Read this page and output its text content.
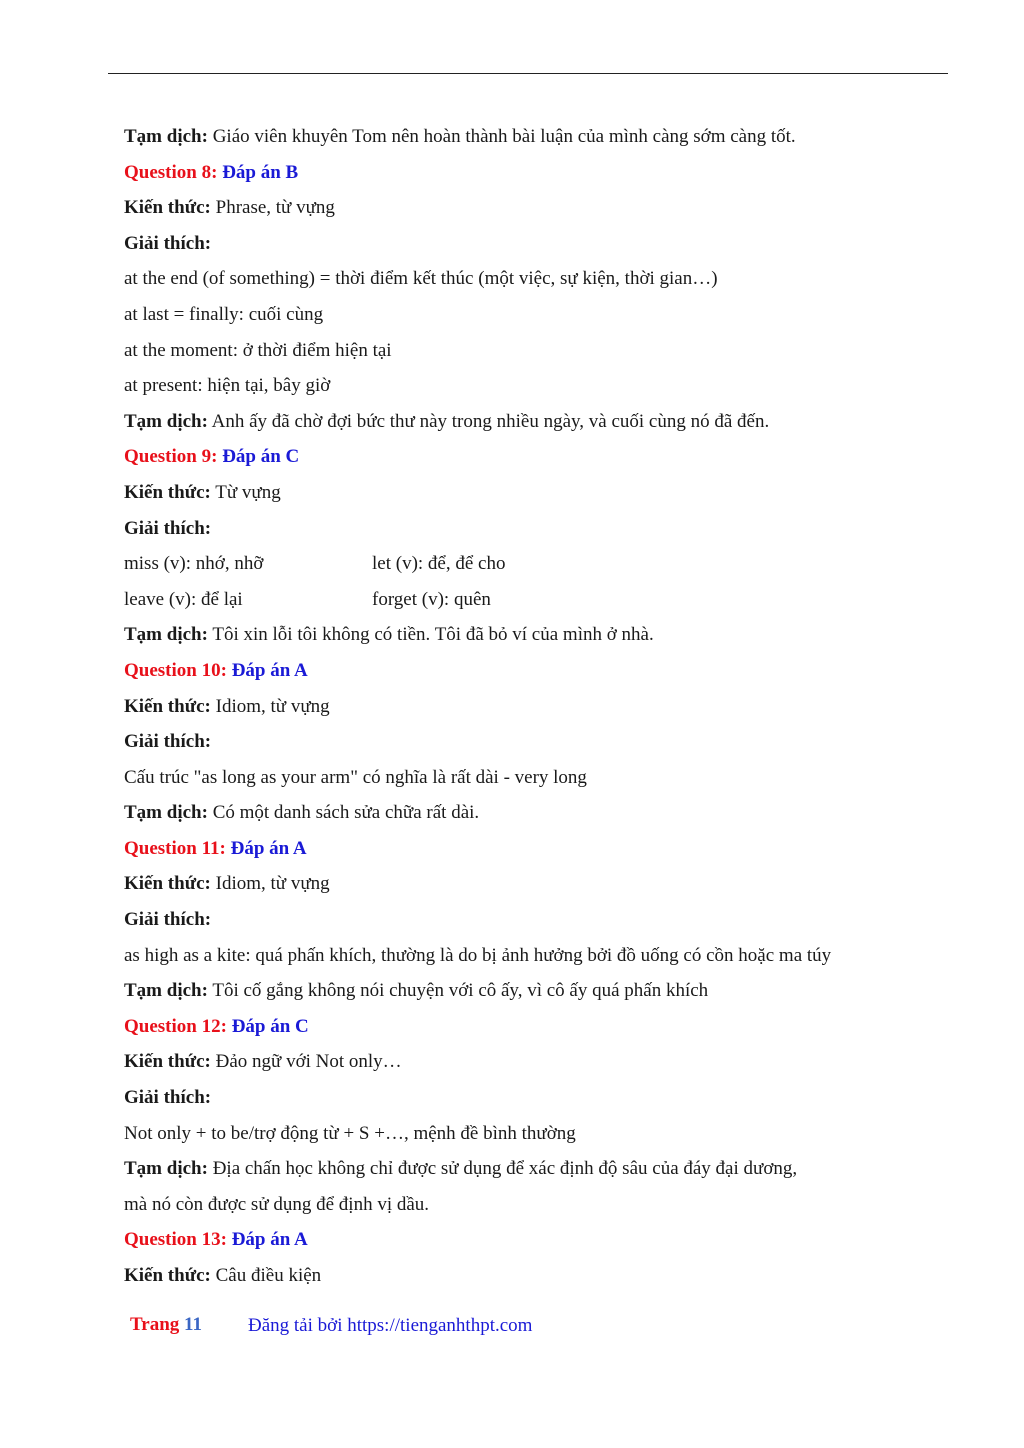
Tạm dịch: Giáo viên khuyên Tom nên hoàn thành bài luận của mình càng sớm càng tốt.
Question 8: Đáp án B
Kiến thức: Phrase, từ vựng
Giải thích:
at the end (of something) = thời điểm kết thúc (một việc, sự kiện, thời gian…)
at last = finally: cuối cùng
at the moment: ở thời điểm hiện tại
at present: hiện tại, bây giờ
Tạm dịch: Anh ấy đã chờ đợi bức thư này trong nhiều ngày, và cuối cùng nó đã đến.
Question 9: Đáp án C
Kiến thức: Từ vựng
Giải thích:
miss (v): nhớ, nhỡ	let (v): để, để cho
leave (v): để lại	forget (v): quên
Tạm dịch: Tôi xin lỗi tôi không có tiền. Tôi đã bỏ ví của mình ở nhà.
Question 10: Đáp án A
Kiến thức: Idiom, từ vựng
Giải thích:
Cấu trúc "as long as your arm" có nghĩa là rất dài - very long
Tạm dịch: Có một danh sách sửa chữa rất dài.
Question 11: Đáp án A
Kiến thức: Idiom, từ vựng
Giải thích:
as high as a kite: quá phấn khích, thường là do bị ảnh hưởng bởi đồ uống có cồn hoặc ma túy
Tạm dịch: Tôi cố gắng không nói chuyện với cô ấy, vì cô ấy quá phấn khích
Question 12: Đáp án C
Kiến thức: Đảo ngữ với Not only…
Giải thích:
Not only + to be/trợ động từ + S +…, mệnh đề bình thường
Tạm dịch: Địa chấn học không chỉ được sử dụng để xác định độ sâu của đáy đại dương,
mà nó còn được sử dụng để định vị dầu.
Question 13: Đáp án A
Kiến thức: Câu điều kiện
Trang 11 Đăng tải bởi https://tienganhthpt.com
